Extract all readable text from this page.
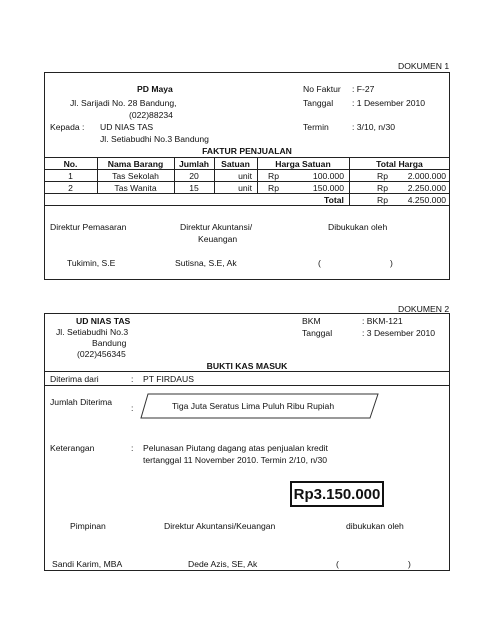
DOKUMEN 1
PD Maya
Jl. Sarijadi No. 28 Bandung,
(022)88234
No Faktur : F-27
Tanggal : 1 Desember 2010
Kepada : UD NIAS TAS
Jl. Setiabudhi No.3 Bandung
Termin	: 3/10, n/30
FAKTUR PENJUALAN
No.	Nama Barang	Jumlah	Satuan	Harga Satuan	Total Harga
1	Tas Sekolah	20	unit Rp	100.000	Rp	2.000.000
2	Tas Wanita	15	unit Rp	150.000	Rp	2.250.000
Total	Rp	4.250.000
Direktur Pemasaran	Direktur Akuntansi/
Keuangan
Dibukukan oleh
Tukimin, S.E	Sutisna, S.E, Ak	(	)
DOKUMEN 2
UD NIAS TAS
Jl. Setiabudhi No.3
Bandung
(022)456345
BKM	: BKM-121
Tanggal	: 3 Desember 2010
BUKTI KAS MASUK
Diterima dari	: PT FIRDAUS
Jumlah Diterima
:	Tiga Juta Seratus Lima Puluh Ribu Rupiah
Keterangan	: Pelunasan Piutang dagang atas penjualan kredit
tertanggal 11 November 2010. Termin 2/10, n/30
Rp3.150.000
Pimpinan	Direktur Akuntansi/Keuangan	dibukukan oleh
Sandi Karim, MBA	Dede Azis, SE, Ak	(	)
